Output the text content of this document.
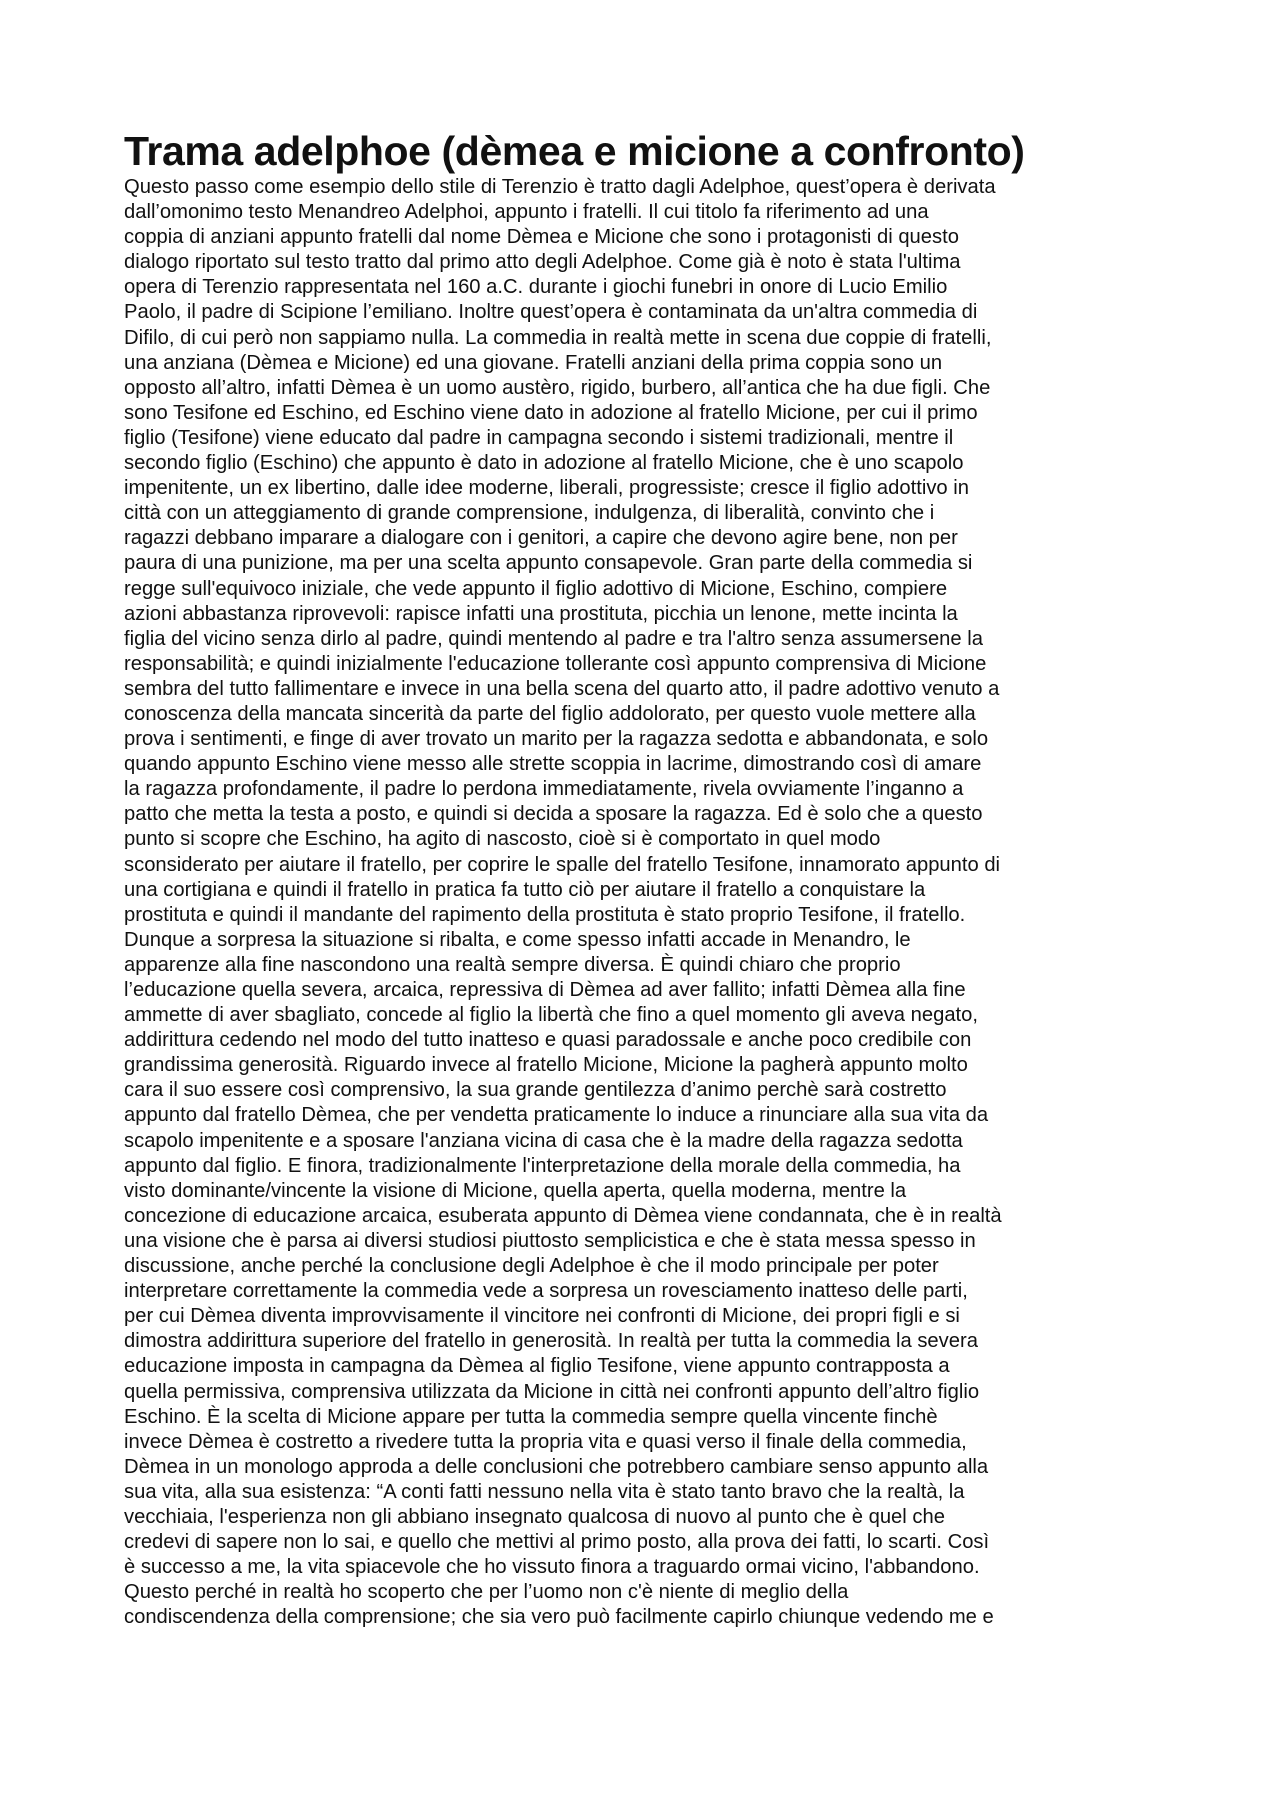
Trama adelphoe (dèmea e micione a confronto)

Questo passo come esempio dello stile di Terenzio è tratto dagli Adelphoe, quest’opera è derivata
dall’omonimo testo Menandreo Adelphoi, appunto i fratelli. Il cui titolo fa riferimento ad una
coppia di anziani appunto fratelli dal nome Dèmea e Micione che sono i protagonisti di questo
dialogo riportato sul testo tratto dal primo atto degli Adelphoe. Come già è noto è stata l'ultima
opera di Terenzio rappresentata nel 160 a.C. durante i giochi funebri in onore di Lucio Emilio
Paolo, il padre di Scipione l’emiliano. Inoltre quest’opera è contaminata da un'altra commedia di
Difilo, di cui però non sappiamo nulla. La commedia in realtà mette in scena due coppie di fratelli,
una anziana (Dèmea e Micione) ed una giovane. Fratelli anziani della prima coppia sono un
opposto all’altro, infatti Dèmea è un uomo austèro, rigido, burbero, all’antica che ha due figli. Che
sono Tesifone ed Eschino, ed Eschino viene dato in adozione al fratello Micione, per cui il primo
figlio (Tesifone) viene educato dal padre in campagna secondo i sistemi tradizionali, mentre il
secondo figlio (Eschino) che appunto è dato in adozione al fratello Micione, che è uno scapolo
impenitente, un ex libertino, dalle idee moderne, liberali, progressiste; cresce il figlio adottivo in
città con un atteggiamento di grande comprensione, indulgenza, di liberalità, convinto che i
ragazzi debbano imparare a dialogare con i genitori, a capire che devono agire bene, non per
paura di una punizione, ma per una scelta appunto consapevole. Gran parte della commedia si
regge sull'equivoco iniziale, che vede appunto il figlio adottivo di Micione, Eschino, compiere
azioni abbastanza riprovevoli: rapisce infatti una prostituta, picchia un lenone, mette incinta la
figlia del vicino senza dirlo al padre, quindi mentendo al padre e tra l'altro senza assumersene la
responsabilità; e quindi inizialmente l'educazione tollerante così appunto comprensiva di Micione
sembra del tutto fallimentare e invece in una bella scena del quarto atto, il padre adottivo venuto a
conoscenza della mancata sincerità da parte del figlio addolorato, per questo vuole mettere alla
prova i sentimenti, e finge di aver trovato un marito per la ragazza sedotta e abbandonata, e solo
quando appunto Eschino viene messo alle strette scoppia in lacrime, dimostrando così di amare
la ragazza profondamente, il padre lo perdona immediatamente, rivela ovviamente l’inganno a
patto che metta la testa a posto, e quindi si decida a sposare la ragazza. Ed è solo che a questo
punto si scopre che Eschino, ha agito di nascosto, cioè si è comportato in quel modo
sconsiderato per aiutare il fratello, per coprire le spalle del fratello Tesifone, innamorato appunto di
una cortigiana e quindi il fratello in pratica fa tutto ciò per aiutare il fratello a conquistare la
prostituta e quindi il mandante del rapimento della prostituta è stato proprio Tesifone, il fratello.
Dunque a sorpresa la situazione si ribalta, e come spesso infatti accade in Menandro, le
apparenze alla fine nascondono una realtà sempre diversa. È quindi chiaro che proprio
l’educazione quella severa, arcaica, repressiva di Dèmea ad aver fallito; infatti Dèmea alla fine
ammette di aver sbagliato, concede al figlio la libertà che fino a quel momento gli aveva negato,
addirittura cedendo nel modo del tutto inatteso e quasi paradossale e anche poco credibile con
grandissima generosità. Riguardo invece al fratello Micione, Micione la pagherà appunto molto
cara il suo essere così comprensivo, la sua grande gentilezza d’animo perchè sarà costretto
appunto dal fratello Dèmea, che per vendetta praticamente lo induce a rinunciare alla sua vita da
scapolo impenitente e a sposare l'anziana vicina di casa che è la madre della ragazza sedotta
appunto dal figlio. E finora, tradizionalmente l'interpretazione della morale della commedia, ha
visto dominante/vincente la visione di Micione, quella aperta, quella moderna, mentre la
concezione di educazione arcaica, esuberata appunto di Dèmea viene condannata, che è in realtà
una visione che è parsa ai diversi studiosi piuttosto semplicistica e che è stata messa spesso in
discussione, anche perché la conclusione degli Adelphoe è che il modo principale per poter
interpretare correttamente la commedia vede a sorpresa un rovesciamento inatteso delle parti,
per cui Dèmea diventa improvvisamente il vincitore nei confronti di Micione, dei propri figli e si
dimostra addirittura superiore del fratello in generosità. In realtà per tutta la commedia la severa
educazione imposta in campagna da Dèmea al figlio Tesifone, viene appunto contrapposta a
quella permissiva, comprensiva utilizzata da Micione in città nei confronti appunto dell’altro figlio
Eschino. È la scelta di Micione appare per tutta la commedia sempre quella vincente finchè
invece Dèmea è costretto a rivedere tutta la propria vita e quasi verso il finale della commedia,
Dèmea in un monologo approda a delle conclusioni che potrebbero cambiare senso appunto alla
sua vita, alla sua esistenza: “A conti fatti nessuno nella vita è stato tanto bravo che la realtà, la
vecchiaia, l'esperienza non gli abbiano insegnato qualcosa di nuovo al punto che è quel che
credevi di sapere non lo sai, e quello che mettivi al primo posto, alla prova dei fatti, lo scarti. Così
è successo a me, la vita spiacevole che ho vissuto finora a traguardo ormai vicino, l'abbandono.
Questo perché in realtà ho scoperto che per l’uomo non c'è niente di meglio della
condiscendenza della comprensione; che sia vero può facilmente capirlo chiunque vedendo me e
